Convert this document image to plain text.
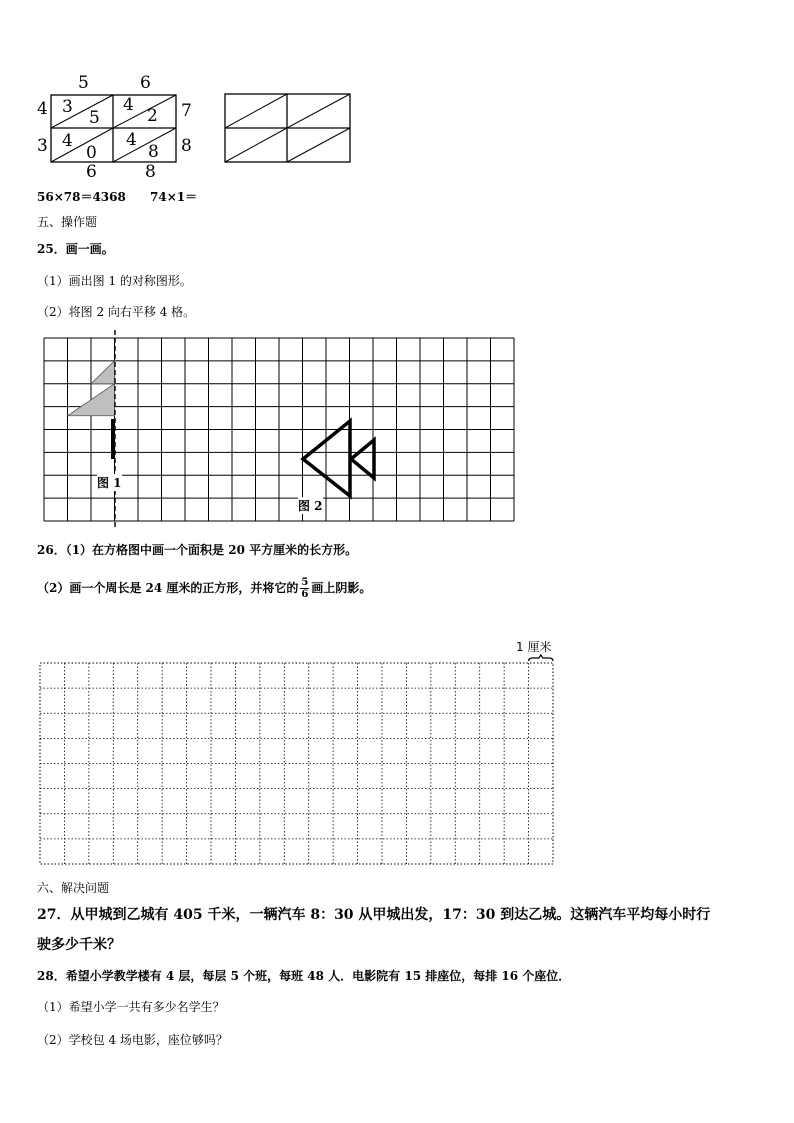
5	6
4
3
7
8
6	8
3
5
4
2
4
0
4
8
56×78＝4368 74×1＝
五、操作题
25．画一画。
（1）画出图 1 的对称图形。
（2）将图 2 向右平移 4 格。
图 1
图 2
26．（1）在方格图中画一个面积是 20 平方厘米的长方形。
（2）画一个周长是 24 厘米的正方形，并将它的 $\frac{5}{6}$ 画上阴影。
1 厘米
六、解决问题
27．从甲城到乙城有 405 千米，一辆汽车 8：30 从甲城出发，17：30 到达乙城。这辆汽车平均每小时行
驶多少千米？
28．希望小学教学楼有 4 层，每层 5 个班，每班 48 人．电影院有 15 排座位，每排 16 个座位．
（1）希望小学一共有多少名学生？
（2）学校包 4 场电影，座位够吗？
